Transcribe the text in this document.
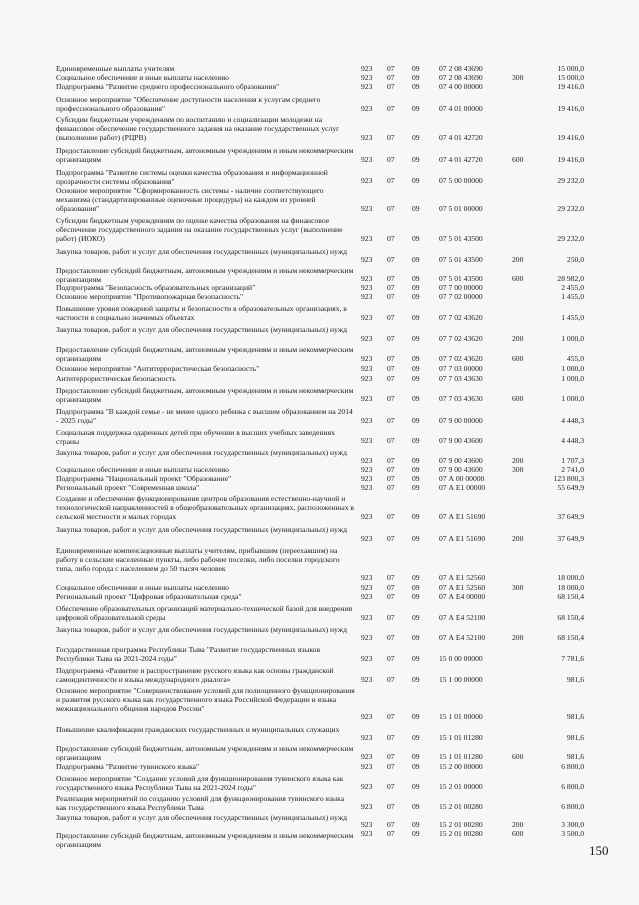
Единовременные выплаты учителям	923 07 09	07 2 08 43690	15 000,0
Социальное обеспечение и иные выплаты населению	923 07 09	07 2 08 43690	300	15 000,0
Подпрограмма "Развитие среднего профессионального образования"	923 07 09	07 4 00 00000	19 416,0
Основное мероприятие "Обеспечение доступности населения к услугам среднего профессионального образования"	923 07 09	07 4 01 00000	19 416,0
Субсидии бюджетным учреждениям по воспитанию и социализации молодежи на финансовое обеспечение государственного задания на оказание государственных услуг (выполнение работ) (РЦРВ)	923 07 09	07 4 01 42720	19 416,0
Предоставление субсидий бюджетным, автономным учреждениям и иным некоммерческим организациям	923 07 09	07 4 01 42720	600	19 416,0
Подпрограмма "Развитие системы оценки качества образования и информационной прозрачности системы образования"	923 07 09	07 5 00 00000	29 232,0
Основное мероприятие "Сформированность системы - наличие соответствующего механизма (стандартизированные оценочные процедуры) на каждом из уровней образования"	923 07 09	07 5 01 00000	29 232,0
Субсидии бюджетным учреждениям по оценке качества образования на финансовое обеспечение государственного задания на оказание государственных услуг (выполнение работ) (ИОКО)	923 07 09	07 5 01 43500	29 232,0
Закупка товаров, работ и услуг для обеспечения государственных (муниципальных) нужд
923 07 09	07 5 01 43500	200	250,0
Предоставление субсидий бюджетным, автономным учреждениям и иным некоммерческим организациям	923 07 09	07 5 01 43500	600	28 982,0
Подпрограмма "Безопасность образовательных организаций"	923 07 09	07 7 00 00000	2 455,0
Основное мероприятие "Противопожарная безопасность"	923 07 09	07 7 02 00000	1 455,0
Повышение уровня пожарной защиты и безопасности в образовательных организациях, в частности в социально значимых объектах	923 07 09	07 7 02 43620	1 455,0
Закупка товаров, работ и услуг для обеспечения государственных (муниципальных) нужд
923 07 09	07 7 02 43620	200	1 000,0
Предоставление субсидий бюджетным, автономным учреждениям и иным некоммерческим организациям	923 07 09	07 7 02 43620	600	455,0
Основное мероприятие "Антитеррористическая безопасность"	923 07 09	07 7 03 00000	1 000,0
Антитеррористическая безопасность	923 07 09	07 7 03 43630	1 000,0
Предоставление субсидий бюджетным, автономным учреждениям и иным некоммерческим организациям	923 07 09	07 7 03 43630	600	1 000,0
Подпрограмма "В каждой семье - не менее одного ребенка с высшим образованием на 2014 - 2025 годы"	923 07 09	07 9 00 00000	4 448,3
Социальная поддержка одаренных детей при обучении в высших учебных заведениях страны	923 07 09	07 9 00 43600	4 448,3
Закупка товаров, работ и услуг для обеспечения государственных (муниципальных) нужд
923 07 09	07 9 00 43600	200	1 707,3
Социальное обеспечение и иные выплаты населению	923 07 09	07 9 00 43600	300	2 741,0
Подпрограмма "Национальный проект "Образование"	923 07 09	07 А 00 00000	123 800,3
Региональный проект "Современная школа"	923 07 09	07 А E1 00000	55 649,9
Создание и обеспечение функционирования центров образования естественно-научной и технологической направленностей в общеобразовательных организациях, расположенных в сельской местности и малых городах	923 07 09	07 А E1 51690	37 649,9
Закупка товаров, работ и услуг для обеспечения государственных (муниципальных) нужд
923 07 09	07 А E1 51690	200	37 649,9
Единовременные компенсационные выплаты учителям, прибывшим (переехавшим) на работу в сельские населенные пункты, либо рабочие поселки, либо поселки городского типа, либо города с населением до 50 тысяч человек
923 07 09	07 А E1 52560	18 000,0
Социальное обеспечение и иные выплаты населению	923 07 09	07 А E1 52560	300	18 000,0
Региональный проект "Цифровая образовательная среда"	923 07 09	07 А E4 00000	68 150,4
Обеспечение образовательных организаций материально-технической базой для внедрения цифровой образовательной среды	923 07 09	07 А E4 52100	68 150,4
Закупка товаров, работ и услуг для обеспечения государственных (муниципальных) нужд
923 07 09	07 А E4 52100	200	68 150,4
Государственная программа Республики Тыва "Развитие государственных языков Республики Тыва на 2021-2024 годы"	923 07 09	15 0 00 00000	7 781,6
Подпрограмма «Развитие и распространение русского языка как основы гражданской самоидентичности и языка международного диалога»	923 07 09	15 1 00 00000	981,6
Основное мероприятие "Совершенствование условий для полноценного функционирования и развития русского языка как государственного языка Российской Федерации и языка межнационального общения народов России"
923 07 09	15 1 01 00000	981,6
Повышение квалификации гражданских государственных и муниципальных служащих
923 07 09	15 1 01 01280	981,6
Предоставление субсидий бюджетным, автономным учреждениям и иным некоммерческим организациям	923 07 09	15 1 01 01280	600	981,6
Подпрограмма "Развитие тувинского языка"	923 07 09	15 2 00 00000	6 800,0
Основное мероприятие "Создание условий для функционирования тувинского языка как государственного языка Республики Тыва на 2021-2024 годы"	923 07 09	15 2 01 00000	6 800,0
Реализация мероприятий по созданию условий для функционирования тувинского языка как государственного языка Республики Тыва	923 07 09	15 2 01 00280	6 800,0
Закупка товаров, работ и услуг для обеспечения государственных (муниципальных) нужд
923 07 09	15 2 01 00280	200	3 300,0
Предоставление субсидий бюджетным, автономным учреждениям и иным некоммерческим организациям
923 07 09	15 2 01 00280	600	3 500,0
150
